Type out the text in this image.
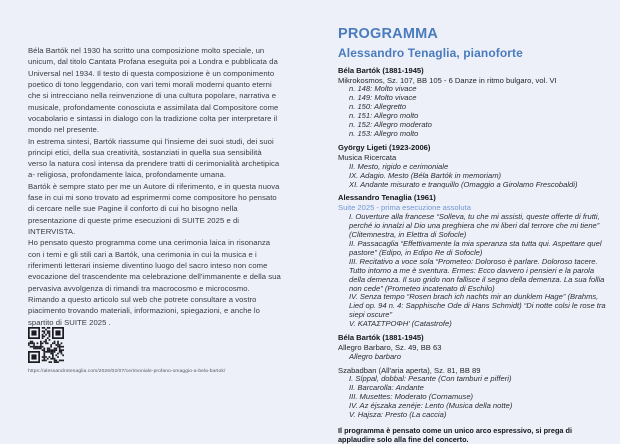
Béla Bartók nel 1930 ha scritto una composizione molto speciale, un unicum, dal titolo Cantata Profana eseguita poi a Londra e pubblicata da Universal nel 1934. Il testo di questa composizione è un componimento poetico di tono leggendario, con vari temi morali moderni quanto eterni che si intrecciano nella reinvenzione di una cultura popolare, narrativa e musicale, profondamente conosciuta e assimilata dal Compositore come vocabolario e sintassi in dialogo con la tradizione colta per interpretare il mondo nel presente.

In estrema sintesi, Bartók riassume qui l'insieme dei suoi studi, dei suoi principi etici, della sua creatività, sostanziati in quella sua sensibilità verso la natura così intensa da prendere tratti di cerimonialità archetipica a- religiosa, profondamente laica, profondamente umana.

Bartók è sempre stato per me un Autore di riferimento, e in questa nuova fase in cui mi sono trovato ad esprimermi come compositore ho pensato di cercare nelle sue Pagine il conforto di cui ho bisogno nella presentazione di queste prime esecuzioni di SUITE 2025 e di INTERVISTA.

Ho pensato questo programma come una cerimonia laica in risonanza con i temi e gli stili cari a Bartók, una cerimonia in cui la musica e i riferimenti letterari insieme diventino luogo del sacro inteso non come evocazione del trascendente ma celebrazione dell'immanente e della sua pervasiva avvolgenza di rimandi tra macrocosmo e microcosmo.

Rimando a questo articolo sul web che potrete consultare a vostro piacimento trovando materiali, informazioni, spiegazioni, e anche lo spartito di SUITE 2025 .

https://alessandrotenaglia.com/2026/02/07/cerimoniale-profano-omaggio-a-bela-bartok/
PROGRAMMA
Alessandro Tenaglia, pianoforte
Béla Bartók (1881-1945)
Mikrokosmos, Sz. 107, BB 105 - 6 Danze in ritmo bulgaro, vol. VI
n. 148: Molto vivace
n. 149: Molto vivace
n. 150: Allegretto
n. 151: Allegro molto
n. 152: Allegro moderato
n. 153: Allegro molto
György Ligeti (1923-2006)
Musica Ricercata
II. Mesto, rigido e cerimoniale
IX. Adagio. Mesto (Béla Bartók in memoriam)
XI. Andante misurato e tranquillo (Omaggio a Girolamo Frescobaldi)
Alessandro Tenaglia (1961)
Suite 2025 - prima esecuzione assoluta
I. Ouverture alla francese “Solleva, tu che mi assisti, queste offerte di frutti, perché io innalzi al Dio una preghiera che mi liberi dal terrore che mi tiene” (Clitemnestra, in Elettra di Sofocle)
II. Passacaglia “Effettivamente la mia speranza sta tutta qui. Aspettare quel pastore” (Edipo, in Edipo Re di Sofocle)
III. Recitativo a voce sola “Prometeo: Doloroso è parlare. Doloroso tacere. Tutto intorno a me è sventura. Ermes: Ecco davvero i pensieri e la parola della demenza. Il suo grido non fallisce il segno della demenza. La sua follia non cede” (Prometeo incatenato di Eschilo)
IV. Senza tempo “Rosen brach ich nachts mir an dunklem Hage” (Brahms, Lied op. 94 n. 4: Sapphische Ode di Hans Schmidt) “Di notte colsi le rose tra siepi oscure”
V. ΚΑΤΑΣΤΡΟΦΗ’ (Catastrofe)
Béla Bartók (1881-1945)
Allegro Barbaro, Sz. 49, BB 63
Allegro barbaro
Szabadban (All'aria aperta), Sz. 81, BB 89
I. Síppal, dobbal: Pesante (Con tamburi e pifferi)
II. Barcarolla: Andante
III. Musettes: Moderato (Cornamuse)
IV. Az éjszaka zenéje: Lento (Musica della notte)
V. Hajsza: Presto (La caccia)
Il programma è pensato come un unico arco espressivo, si prega di applaudire solo alla fine del concerto.
